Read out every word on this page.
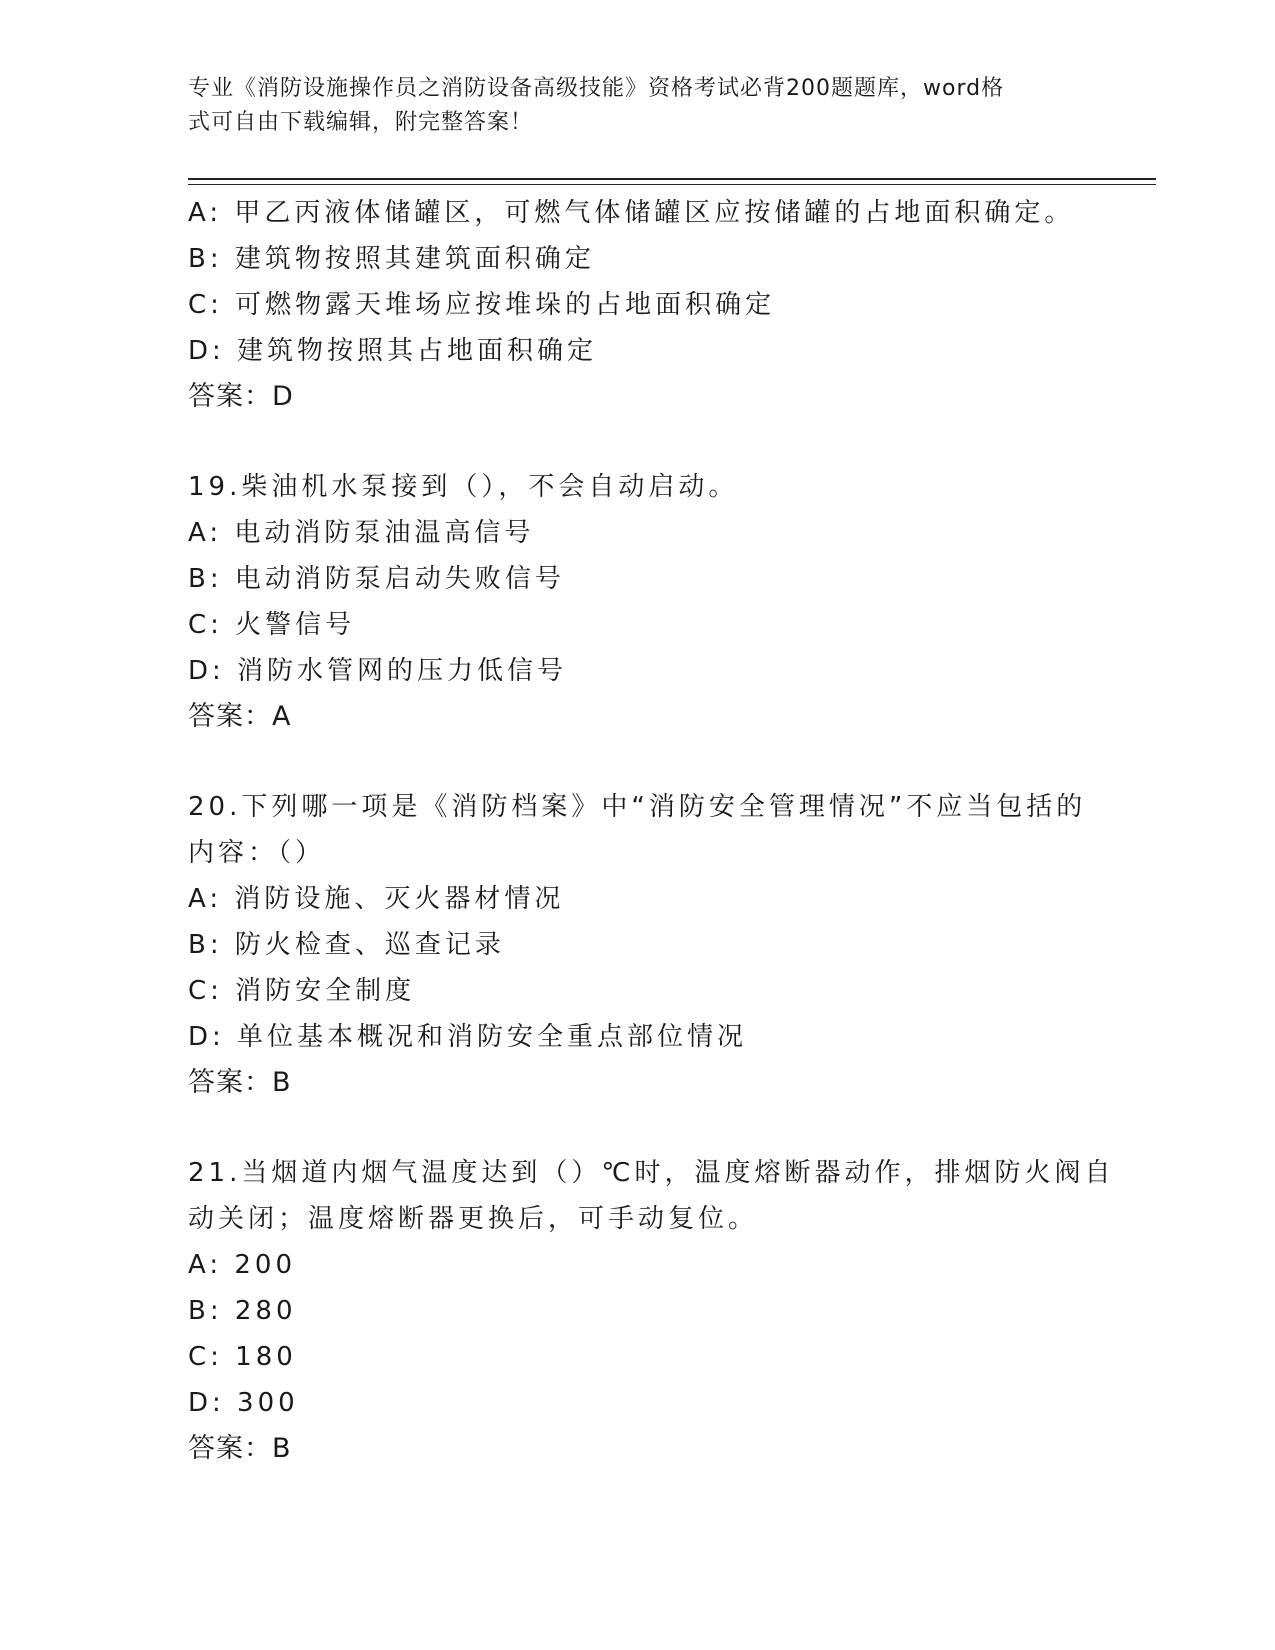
专业《消防设施操作员之消防设备高级技能》资格考试必背200题题库，word格
式可自由下载编辑，附完整答案！
A: 甲乙丙液体储罐区，可燃气体储罐区应按储罐的占地面积确定。
B: 建筑物按照其建筑面积确定
C: 可燃物露天堆场应按堆垛的占地面积确定
D: 建筑物按照其占地面积确定
答案：D
19.柴油机水泵接到（），不会自动启动。
A: 电动消防泵油温高信号
B: 电动消防泵启动失败信号
C: 火警信号
D: 消防水管网的压力低信号
答案：A
20.下列哪一项是《消防档案》中“消防安全管理情况”不应当包括的
内容：（）
A: 消防设施、灭火器材情况
B: 防火检查、巡查记录
C: 消防安全制度
D: 单位基本概况和消防安全重点部位情况
答案：B
21.当烟道内烟气温度达到（）℃时，温度熔断器动作，排烟防火阀自
动关闭；温度熔断器更换后，可手动复位。
A: 200
B: 280
C: 180
D: 300
答案：B
